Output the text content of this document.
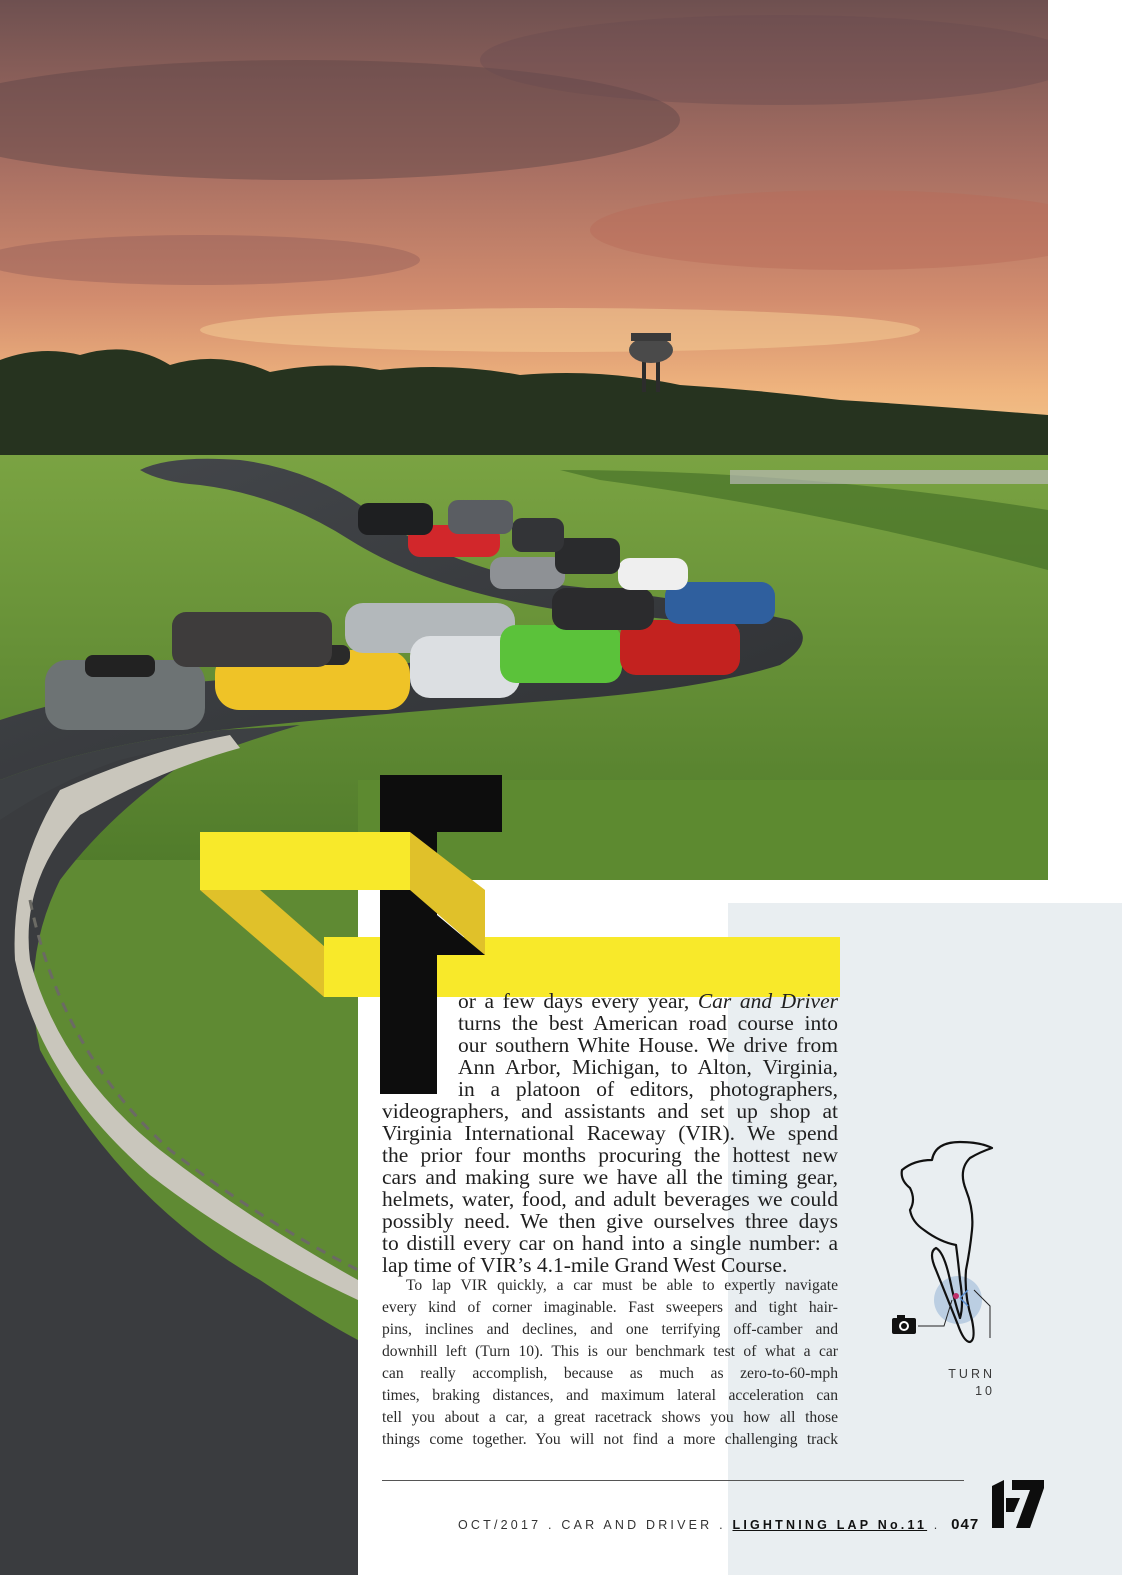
or a few days every year, Car and Driver
turns the best American road course into
our southern White House. We drive from
Ann Arbor, Michigan, to Alton, Virginia,
in a platoon of editors, photographers,
videographers, and assistants and set up shop at
Virginia International Raceway (VIR). We spend
the prior four months procuring the hottest new
cars and making sure we have all the timing gear,
helmets, water, food, and adult beverages we could
possibly need. We then give ourselves three days
to distill every car on hand into a single number: a
lap time of VIR’s 4.1-mile Grand West Course.
To lap VIR quickly, a car must be able to expertly navigate
every kind of corner imaginable. Fast sweepers and tight hair-
pins, inclines and declines, and one terrifying off-camber and
downhill left (Turn 10). This is our benchmark test of what a car
can really accomplish, because as much as zero-to-60-mph
times, braking distances, and maximum lateral acceleration can
tell you about a car, a great racetrack shows you how all those
things come together. You will not find a more challenging track
TURN
10
OCT/2017 . CAR AND DRIVER . LIGHTNING LAP No.11 . 047
